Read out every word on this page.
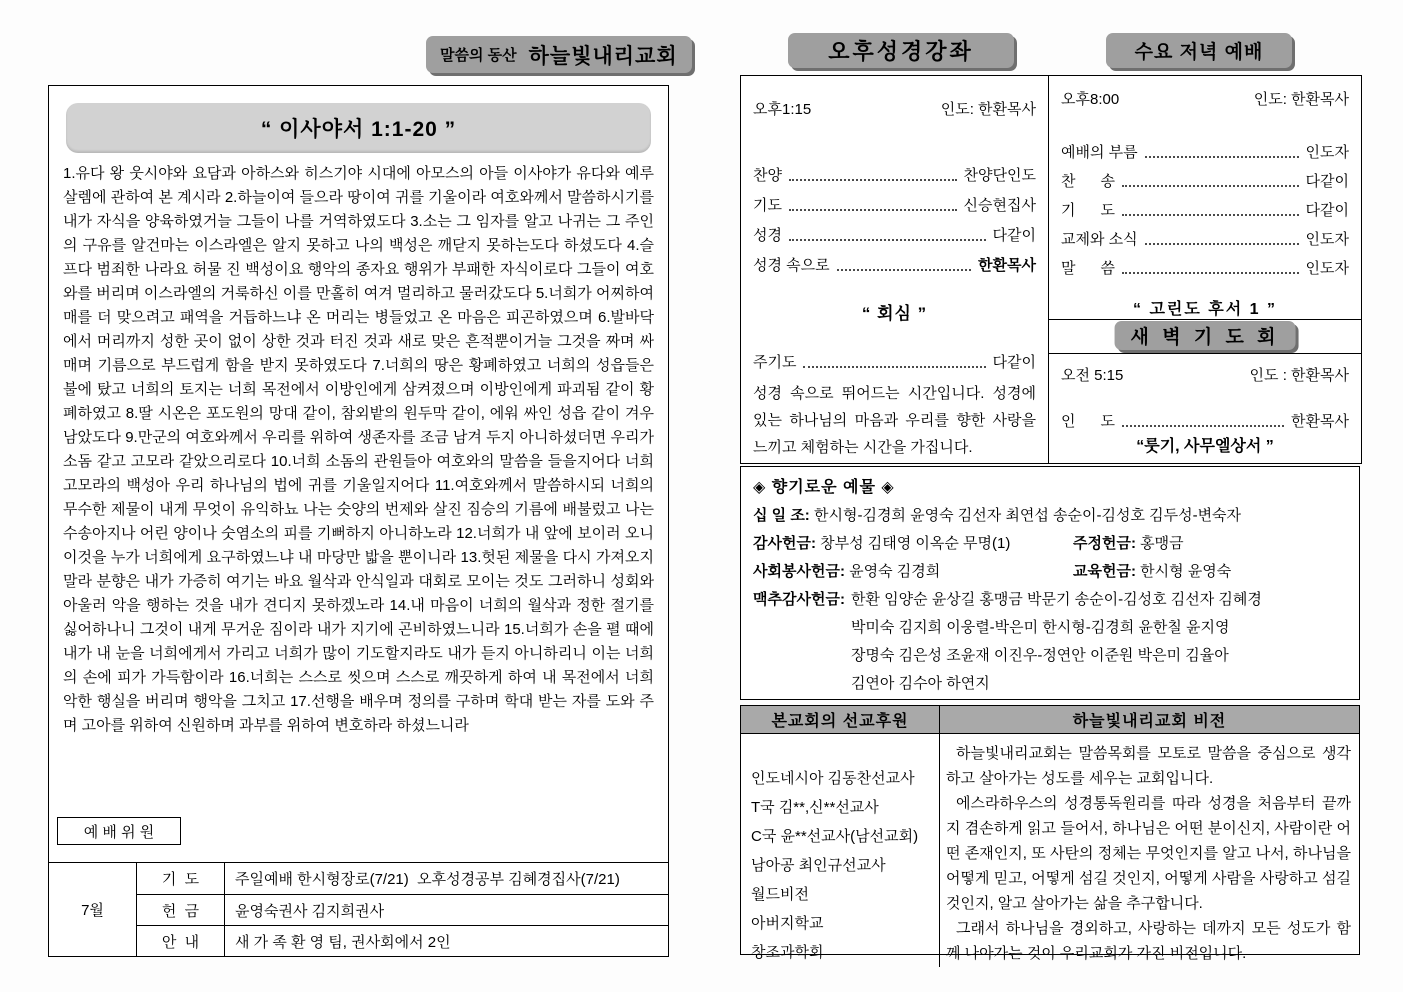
말씀의 동산 하늘빛내리교회
“ 이사야서 1:1-20 ”
1.유다 왕 웃시야와 요담과 아하스와 히스기야 시대에 아모스의 아들 이사야가 유다와 예루살렘에 관하여 본 계시라 2.하늘이여 들으라 땅이여 귀를 기울이라 여호와께서 말씀하시기를 내가 자식을 양육하였거늘 그들이 나를 거역하였도다 3.소는 그 임자를 알고 나귀는 그 주인의 구유를 알건마는 이스라엘은 알지 못하고 나의 백성은 깨닫지 못하는도다 하셨도다 4.슬프다 범죄한 나라요 허물 진 백성이요 행악의 종자요 행위가 부패한 자식이로다 그들이 여호와를 버리며 이스라엘의 거룩하신 이를 만홀히 여겨 멀리하고 물러갔도다 5.너희가 어찌하여 매를 더 맞으려고 패역을 거듭하느냐 온 머리는 병들었고 온 마음은 피곤하였으며 6.발바닥에서 머리까지 성한 곳이 없이 상한 것과 터진 것과 새로 맞은 흔적뿐이거늘 그것을 짜며 싸매며 기름으로 부드럽게 함을 받지 못하였도다 7.너희의 땅은 황폐하였고 너희의 성읍들은 불에 탔고 너희의 토지는 너희 목전에서 이방인에게 삼켜졌으며 이방인에게 파괴됨 같이 황폐하였고 8.딸 시온은 포도원의 망대 같이, 참외밭의 원두막 같이, 에워 싸인 성읍 같이 겨우 남았도다 9.만군의 여호와께서 우리를 위하여 생존자를 조금 남겨 두지 아니하셨더면 우리가 소돔 같고 고모라 같았으리로다 10.너희 소돔의 관원들아 여호와의 말씀을 들을지어다 너희 고모라의 백성아 우리 하나님의 법에 귀를 기울일지어다 11.여호와께서 말씀하시되 너희의 무수한 제물이 내게 무엇이 유익하뇨 나는 숫양의 번제와 살진 짐승의 기름에 배불렀고 나는 수송아지나 어린 양이나 숫염소의 피를 기뻐하지 아니하노라 12.너희가 내 앞에 보이러 오니 이것을 누가 너희에게 요구하였느냐 내 마당만 밟을 뿐이니라 13.헛된 제물을 다시 가져오지 말라 분향은 내가 가증히 여기는 바요 월삭과 안식일과 대회로 모이는 것도 그러하니 성회와 아울러 악을 행하는 것을 내가 견디지 못하겠노라 14.내 마음이 너희의 월삭과 정한 절기를 싫어하나니 그것이 내게 무거운 짐이라 내가 지기에 곤비하였느니라 15.너희가 손을 펼 때에 내가 내 눈을 너희에게서 가리고 너희가 많이 기도할지라도 내가 듣지 아니하리니 이는 너희의 손에 피가 가득함이라 16.너희는 스스로 씻으며 스스로 깨끗하게 하여 내 목전에서 너희 악한 행실을 버리며 행악을 그치고 17.선행을 배우며 정의를 구하며 학대 받는 자를 도와 주며 고아를 위하여 신원하며 과부를 위하여 변호하라 하셨느니라
예 배 위 원
7월
기  도	주일예배 한시형장로(7/21)  오후성경공부 김혜경집사(7/21)
헌  금	윤영숙권사 김지희권사
안  내	새 가 족 환 영 팀, 권사회에서 2인
오후성경강좌	수요 저녁 예배
오후1:15	인도: 한환목사
찬양	찬양단인도
기도	신승현집사
성경	다같이
성경 속으로	한환목사
“ 회심 ”
주기도	다같이
성경 속으로 뛰어드는 시간입니다. 성경에 있는 하나님의 마음과 우리를 향한 사랑을 느끼고 체험하는 시간을 가집니다.
오후8:00	인도: 한환목사
예배의 부름	인도자
찬      송	다같이
기      도	다같이
교제와 소식	인도자
말      씀	인도자
“ 고린도 후서 1 ”
새 벽 기 도 회
오전 5:15	인도 : 한환목사
인      도	한환목사
“룻기, 사무엘상서 ”
◈ 향기로운 예물 ◈
십 일 조: 한시형-김경희 윤영숙 김선자 최연섭 송순이-김성호 김두성-변숙자
감사헌금: 창부성 김태영 이옥순 무명(1)	주정헌금: 홍맹금
사회봉사헌금: 윤영숙 김경희	교육헌금: 한시형 윤영숙
맥추감사헌금: 한환 임양순 윤상길 홍맹금 박문기 송순이-김성호 김선자 김혜경
박미숙 김지희 이웅렬-박은미 한시형-김경희 윤한칠 윤지영
장명숙 김은성 조윤재 이진우-정연안 이준원 박은미 김율아
김연아 김수아 하연지
본교회의 선교후원	하늘빛내리교회 비전
인도네시아 김동찬선교사
T국 김**,신**선교사
C국 윤**선교사(남선교회)
남아공 최인규선교사
월드비전
아버지학교
창조과학회

하늘빛내리교회는 말씀목회를 모토로 말씀을 중심으로 생각하고 살아가는 성도를 세우는 교회입니다.

에스라하우스의 성경통독원리를 따라 성경을 처음부터 끝까지 겸손하게 읽고 들어서, 하나님은 어떤 분이신지, 사람이란 어떤 존재인지, 또 사탄의 정체는 무엇인지를 알고 나서, 하나님을 어떻게 믿고, 어떻게 섬길 것인지, 어떻게 사람을 사랑하고 섬길 것인지, 알고 살아가는 삶을 추구합니다.

그래서 하나님을 경외하고, 사랑하는 데까지 모든 성도가 함께 나아가는 것이 우리교회가 가진 비전입니다.
